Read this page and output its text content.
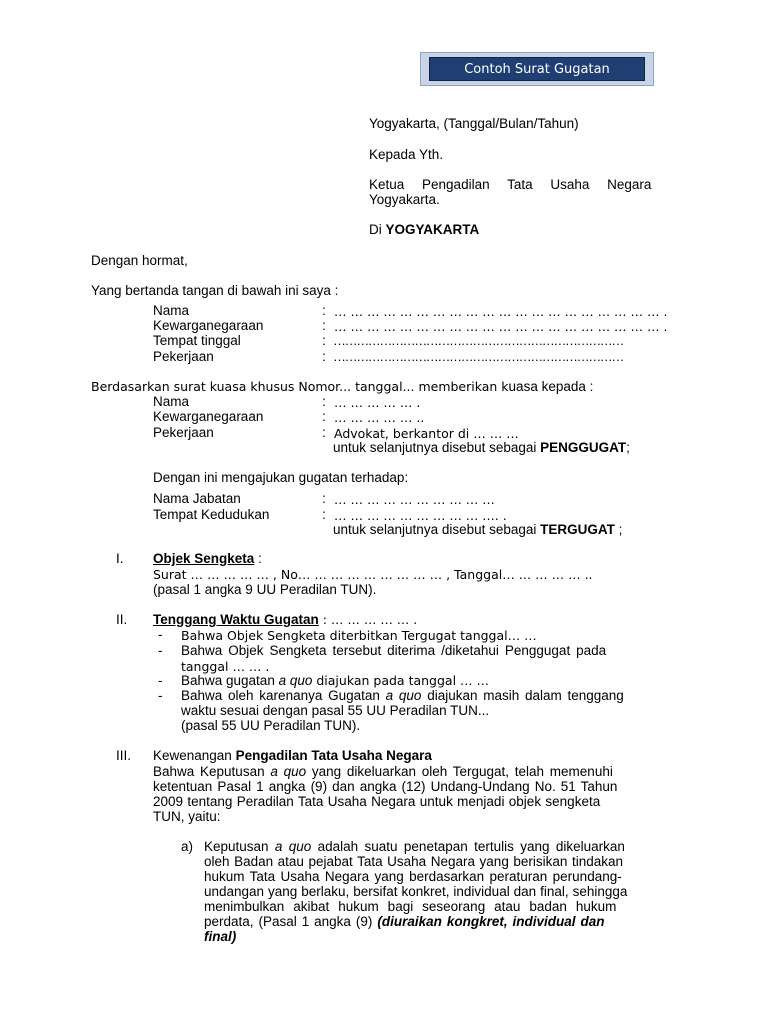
Contoh Surat Gugatan
Yogyakarta, (Tanggal/Bulan/Tahun)
Kepada Yth.
Ketua Pengadilan Tata Usaha Negara
Yogyakarta.
Di YOGYAKARTA
Dengan hormat,
Yang bertanda tangan di bawah ini saya :
Nama
Kewarganegaraan
Tempat tinggal
Pekerjaan
:
:
:
:
… … … … … … … … … … … … … … … … … … … … .
… … … … … … … … … … … … … … … … … … … … .
…………………………………………………………………
…………………………………………………………………
Berdasarkan surat kuasa khusus Nomor... tanggal... memberikan kuasa kepada :
Nama
Kewarganegaraan
Pekerjaan
:
:
:
… … … … … .
… … … … … ..
Advokat, berkantor di … … …
untuk selanjutnya disebut sebagai PENGGUGAT;
Dengan ini mengajukan gugatan terhadap:
Nama Jabatan
Tempat Kedudukan
:
:
… … … … … … … … … …
… … … … … … … … … …. .
untuk selanjutnya disebut sebagai TERGUGAT ;
I. Objek Sengketa :
Surat … … … … … , No… … … … … … … … … , Tanggal… … … … … ..
(pasal 1 angka 9 UU Peradilan TUN).
II. Tenggang Waktu Gugatan : … … … … … .
- Bahwa Objek Sengketa diterbitkan Tergugat tanggal… …
- Bahwa Objek Sengketa tersebut diterima /diketahui Penggugat pada
tanggal … … .
- Bahwa gugatan a quo diajukan pada tanggal … …
- Bahwa oleh karenanya Gugatan a quo diajukan masih dalam tenggang
waktu sesuai dengan pasal 55 UU Peradilan TUN...
(pasal 55 UU Peradilan TUN).
III. Kewenangan Pengadilan Tata Usaha Negara
Bahwa Keputusan a quo yang dikeluarkan oleh Tergugat, telah memenuhi
ketentuan Pasal 1 angka (9) dan angka (12) Undang-Undang No. 51 Tahun
2009 tentang Peradilan Tata Usaha Negara untuk menjadi objek sengketa
TUN, yaitu:
a) Keputusan a quo adalah suatu penetapan tertulis yang dikeluarkan
oleh Badan atau pejabat Tata Usaha Negara yang berisikan tindakan
hukum Tata Usaha Negara yang berdasarkan peraturan perundang-
undangan yang berlaku, bersifat konkret, individual dan final, sehingga
menimbulkan akibat hukum bagi seseorang atau badan hukum
perdata, (Pasal 1 angka (9) (diuraikan kongkret, individual dan
final)
